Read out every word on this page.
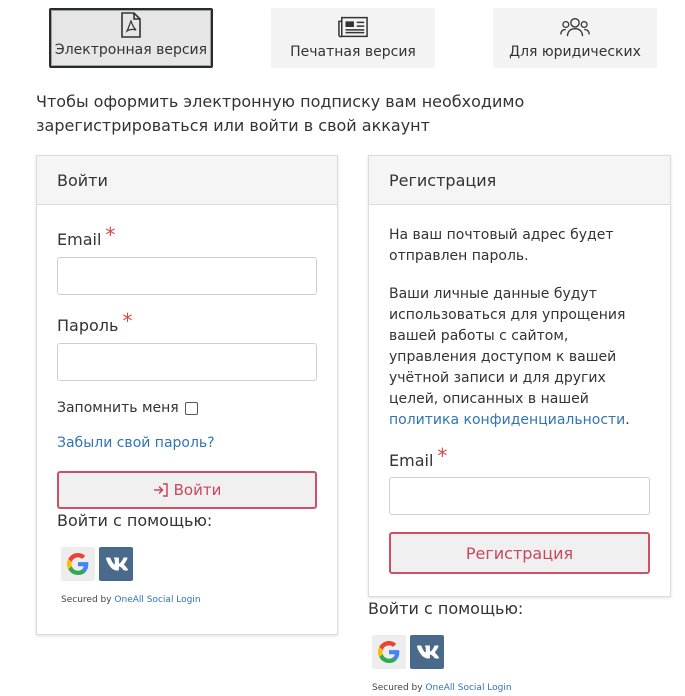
Электронная версия	Печатная версия	Для юридических
Чтобы оформить электронную подписку вам необходимо зарегистрироваться или войти в свой аккаунт
Войти
Email *
Пароль *
Запомнить меня
Забыли свой пароль?
Войти
Войти с помощью:
Secured by OneAll Social Login
Регистрация
На ваш почтовый адрес будет отправлен пароль.
Ваши личные данные будут использоваться для упрощения вашей работы с сайтом, управления доступом к вашей учётной записи и для других целей, описанных в нашей политика конфиденциальности.
Email *
Регистрация
Войти с помощью:
Secured by OneAll Social Login
